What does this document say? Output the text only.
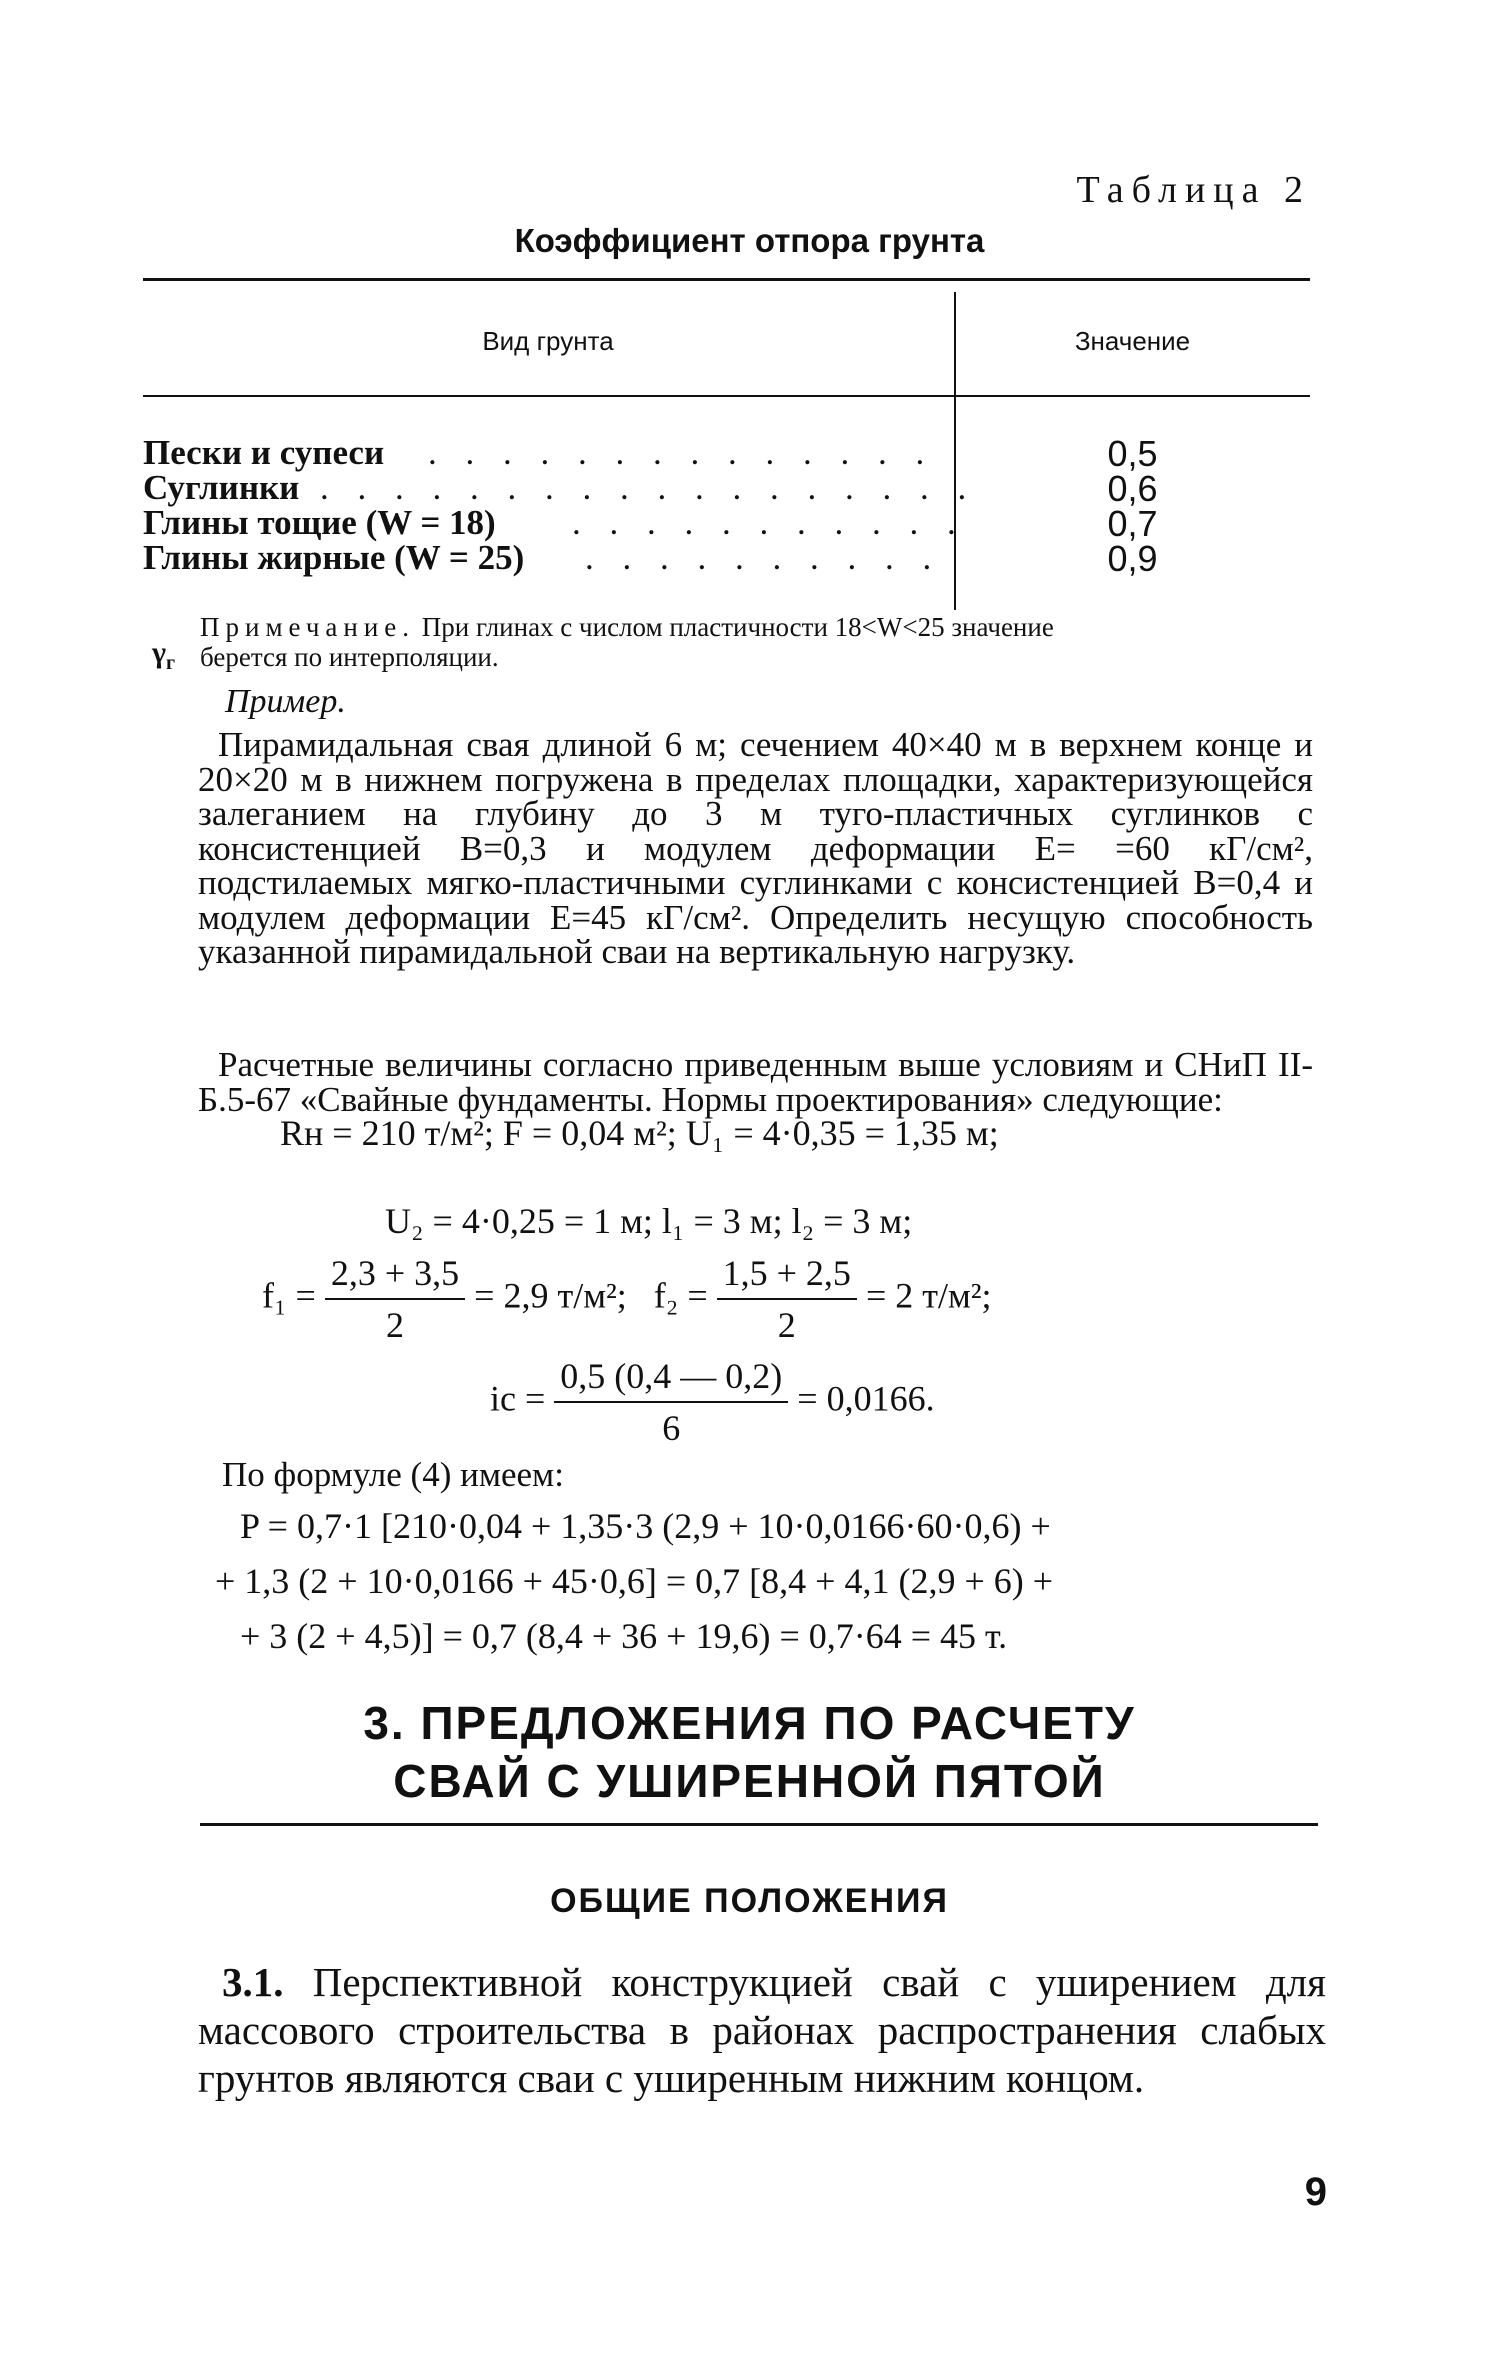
Таблица 2
Коэффициент отпора грунта
Вид грунта	Значение
Пески и супеси . . . . . . . . . . . . . .	0,5
Суглинки . . . . . . . . . . . . . . . . . .	0,6
Глины тощие (W = 18) . . . . . . . . . . .	0,7
Глины жирные (W = 25) . . . . . . . . . .	0,9
Примечание. При глинах с числом пластичности 18<W<25 значение
берется по интерполяции.
$\gamma_г$
Пример.

Пирамидальная свая длиной 6 м; сечением 40×40 м в верхнем конце и 20×20 м в нижнем погружена в пределах площадки, характеризующейся залеганием на глубину до 3 м туго-пластичных суглинков с консистенцией B=0,3 и модулем деформации E= =60 кГ/см², подстилаемых мягко-пластичными суглинками с консистенцией B=0,4 и модулем деформации E=45 кГ/см². Определить несущую способность указанной пирамидальной сваи на вертикальную нагрузку.

Расчетные величины согласно приведенным выше условиям и СНиП II-Б.5-67 «Свайные фундаменты. Нормы проектирования» следующие:

Rн = 210 т/м²; F = 0,04 м²; U₁ = 4·0,35 = 1,35 м;
U₂ = 4·0,25 = 1 м; l₁ = 3 м; l₂ = 3 м;
$f_1 = \frac{2,3 + 3,5}{2} = 2,9$ т/м²; $f_2 = \frac{1,5 + 2,5}{2} = 2$ т/м²;
iс = $\frac{0,5 (0,4 — 0,2)}{6} = 0,0166$.
По формуле (4) имеем:
P = 0,7·1 [210·0,04 + 1,35·3 (2,9 + 10·0,0166·60·0,6) +
+ 1,3 (2 + 10·0,0166 + 45·0,6] = 0,7 [8,4 + 4,1 (2,9 + 6) +
+ 3 (2 + 4,5)] = 0,7 (8,4 + 36 + 19,6) = 0,7·64 = 45 т.
3. ПРЕДЛОЖЕНИЯ ПО РАСЧЕТУ
СВАЙ С УШИРЕННОЙ ПЯТОЙ
ОБЩИЕ ПОЛОЖЕНИЯ
3.1. Перспективной конструкцией свай с уширением для массового строительства в районах распространения слабых грунтов являются сваи с уширенным нижним концом.
9
